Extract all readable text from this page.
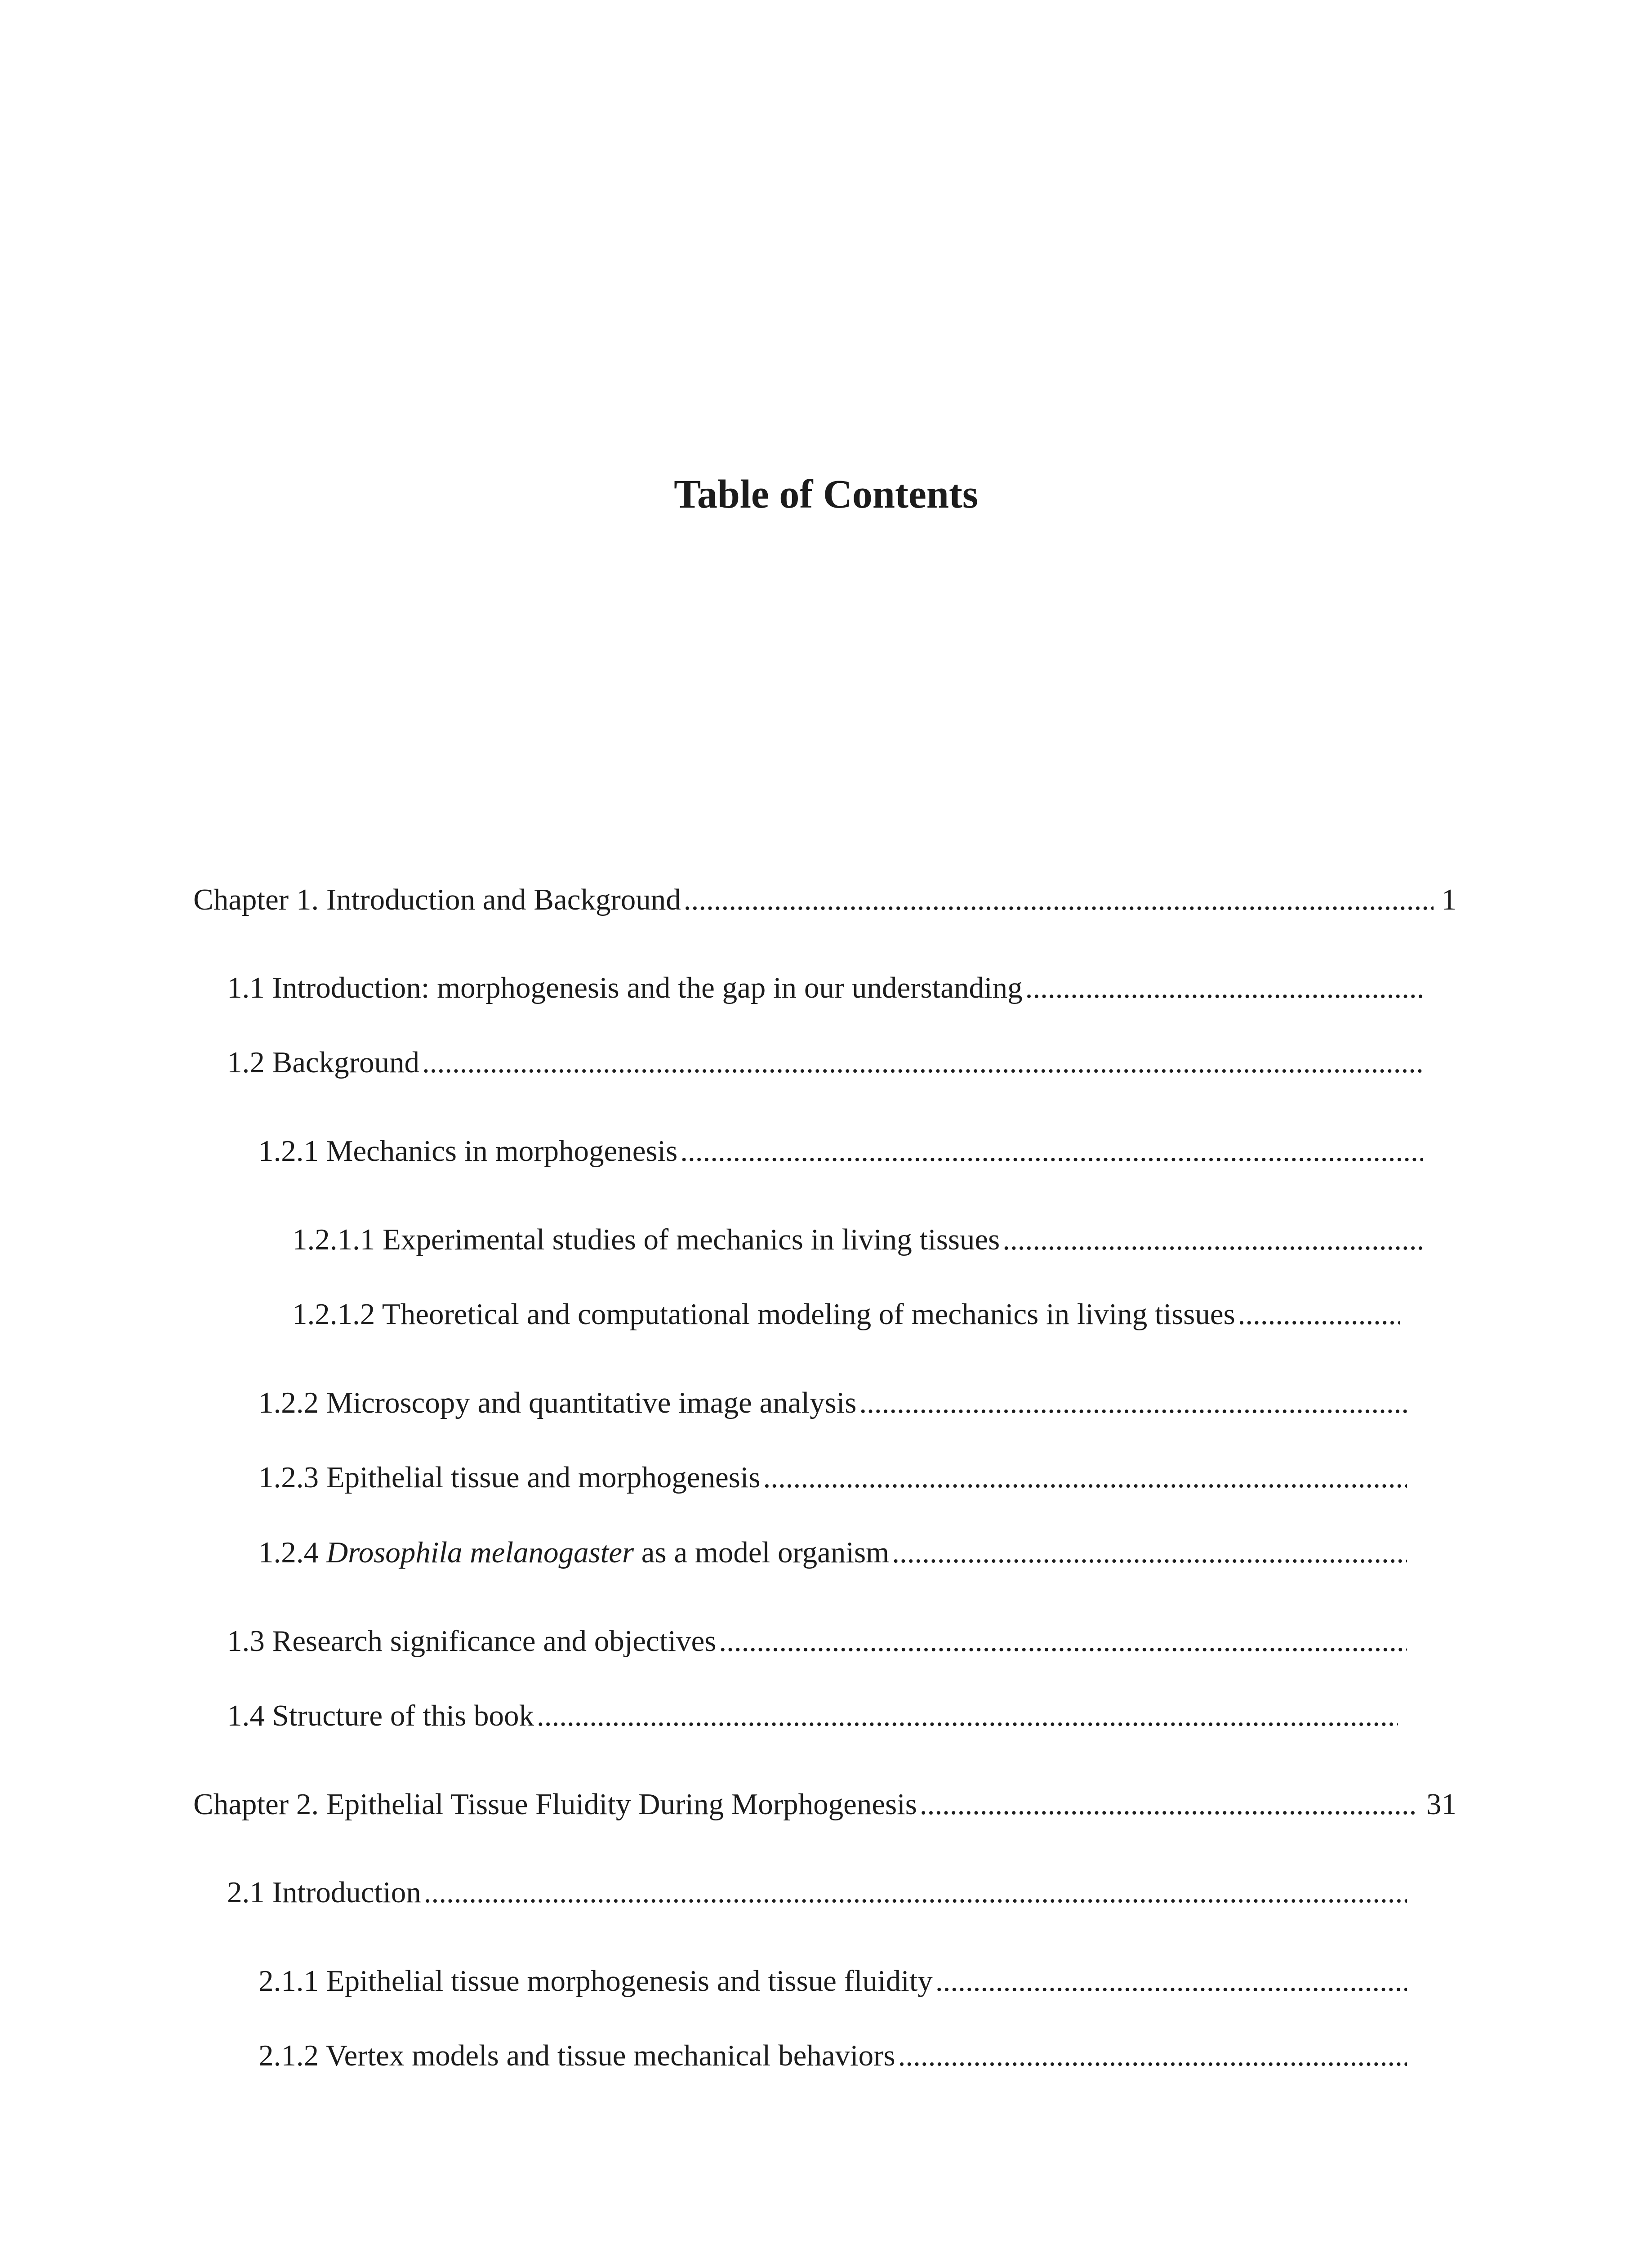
Table of Contents
Chapter 1. Introduction and Background .....	1
1.1 Introduction: morphogenesis and the gap in our understanding
.....
1.2 Background
.....
1.2.1 Mechanics in morphogenesis
.....
1.2.1.1 Experimental studies of mechanics in living tissues
.....
1.2.1.2 Theoretical and computational modeling of mechanics in living tissues
.....
1.2.2 Microscopy and quantitative image analysis
.....
1.2.3 Epithelial tissue and morphogenesis
.....
1.2.4 Drosophila melanogaster as a model organism
.....
1.3 Research significance and objectives
.....
1.4 Structure of this book
.....
Chapter 2. Epithelial Tissue Fluidity During Morphogenesis .....	31
2.1 Introduction
.....
2.1.1 Epithelial tissue morphogenesis and tissue fluidity
.....
2.1.2 Vertex models and tissue mechanical behaviors
.....
